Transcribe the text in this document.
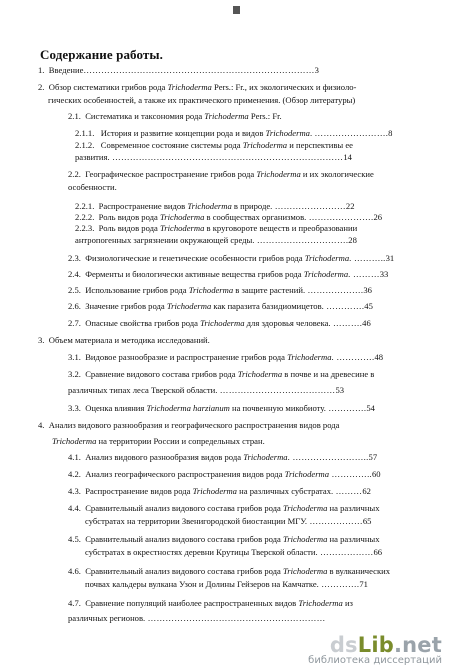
Содержание работы.
1. Введение……………………………………………………………………3
2. Обзор систематики грибов рода Trichoderma Pers.: Fr., их экологических и физиоло-
гических особенностей, а также их практического применения. (Обзор литературы)
2.1. Систематика и таксономия рода Trichoderma Pers.: Fr.
2.1.1. История и развитие концепции рода и видов Trichoderma. …………………….8
2.1.2. Современное состояние системы рода Trichoderma и перспективы ее
развития. ……………………………………………………………………14
2.2. Географическое распространение грибов рода Trichoderma и их экологические
особенности.
2.2.1. Распространение видов Trichoderma в природе. ……………………22
2.2.2. Роль видов рода Trichoderma в сообществах организмов. ………………….26
2.2.3. Роль видов рода Trichoderma в круговороте веществ и преобразовании
антропогенных загрязнении окружающей среды. ………………………….28
2.3. Физиологические и генетические особенности грибов рода Trichoderma. ………..31
2.4. Ферменты и биологически активные вещества грибов рода Trichoderma. ………33
2.5. Использование грибов рода Trichoderma в защите растений. ……………….36
2.6. Значение грибов рода Trichoderma как паразита базидиомицетов. ………….45
2.7. Опасные свойства грибов рода Trichoderma для здоровья человека. ……….46
3. Объем материала и методика исследований.
3.1. Видовое разнообразие и распространение грибов рода Trichoderma. ………….48
3.2. Сравнение видового состава грибов рода Trichoderma в почве и на древесине в
различных типах леса Тверской области. …………………………………53
3.3. Оценка влияния Trichoderma harzianum на почвенную микобиоту. ………….54
4. Анализ видового разнообразия и географического распространения видов рода
Trichoderma на территории России и сопредельных стран.
4.1. Анализ видового разнообразия видов рода Trichoderma. ……………………..57
4.2. Анализ географического распространения видов рода Trichoderma …………..60
4.3. Распространение видов рода Trichoderma на различных субстратах. ………62
4.4. Сравнительный анализ видового состава грибов рода Trichoderma на различных
субстратах на территории Звенигородской биостанции МГУ. ………………65
4.5. Сравнительный анализ видового состава грибов рода Trichoderma на различных
субстратах в окрестностях деревни Крутицы Тверской области. ………………66
4.6. Сравнительный анализ видового состава грибов рода Trichoderma в вулканических
почвах кальдеры вулкана Узон и Долины Гейзеров на Камчатке. ………….71
4.7. Сравнение популяций наиболее распространенных видов Trichoderma из
различных регионов. ……………………………………………………
dsLib.net
библиотека диссертаций
